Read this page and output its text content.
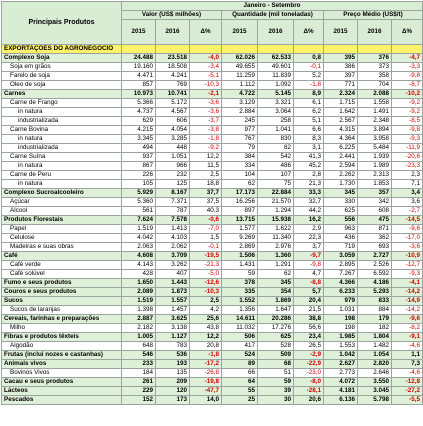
Principais Produtos	Janeiro - Setembro								
	Valor (US$ milhões)			Quantidade (mil toneladas)			Preço Médio (US$/t)		
	2015	2016	Δ%	2015	2016	Δ%	2015	2016	Δ%
EXPORTAÇÕES DO AGRONEGÓCIO									
Complexo Soja	24.488	23.518	-4,0	62.026	62.533	0,8	395	376	-4,7
Soja em grãos	19.160	18.508	-3,4	49.655	49.601	-0,1	386	373	-3,3
Farelo de soja	4.471	4.241	-5,1	11.259	11.839	5,2	397	358	-9,8
Óleo de soja	857	769	-10,3	1.112	1.092	-1,8	771	704	-8,7
Carnes	10.973	10.741	-2,1	4.722	5.145	8,9	2.324	2.088	-10,2
Carne de Frango	5.366	5.172	-3,6	3.129	3.321	6,1	1.715	1.558	-9,2
in natura	4.737	4.567	-3,6	2.884	3.064	6,2	1.642	1.491	-9,2
industrializada	629	606	-3,7	245	258	5,1	2.567	2.348	-8,5
Carne Bovina	4.215	4.054	-3,8	977	1.041	6,6	4.315	3.894	-9,8
in natura	3.345	3.285	-1,8	767	830	8,3	4.364	3.958	-9,3
industrializada	494	448	-9,2	79	82	3,1	6.225	5.484	-11,9
Carne Suína	937	1.051	12,2	384	542	41,3	2.441	1.939	-20,6
in natura	867	966	11,5	334	486	45,2	2.594	1.989	-23,3
Carne de Peru	226	232	2,5	104	107	2,8	2.262	2.313	2,3
in natura	105	125	18,8	62	75	21,3	1.730	1.853	7,1
Complexo Sucroalcooleiro	5.929	8.167	37,7	17.173	22.884	33,3	345	357	3,4
Açúcar	5.360	7.371	37,5	16.256	21.570	32,7	330	342	3,6
Álcool	561	787	40,3	897	1.294	44,2	625	608	-2,7
Produtos Florestais	7.624	7.578	-0,6	13.715	15.938	16,2	556	475	-14,5
Papel	1.519	1.413	-7,0	1.577	1.622	2,9	963	871	-9,6
Celulose	4.042	4.103	1,5	9.269	11.340	22,3	436	362	-17,0
Madeiras e suas obras	2.063	2.062	-0,1	2.869	2.976	3,7	719	693	-3,6
Café	4.608	3.709	-19,5	1.506	1.360	-9,7	3.059	2.727	-10,9
Café verde	4.143	3.262	-21,3	1.431	1.291	-9,8	2.895	2.526	-12,7
Café solúvel	428	407	-5,0	59	62	4,7	7.267	6.592	-9,3
Fumo e seus produtos	1.650	1.443	-12,6	378	345	-8,8	4.366	4.186	-4,1
Couros e seus produtos	2.089	1.873	-10,3	335	354	5,7	6.233	5.293	-14,2
Sucos	1.519	1.557	2,5	1.552	1.869	20,4	979	833	-14,9
Sucos de laranjas	1.398	1.457	4,2	1.356	1.647	21,5	1.031	884	-14,2
Cereais, farinhas e preparações	2.887	3.625	25,6	14.611	20.286	38,8	198	179	-9,6
Milho	2.182	3.138	43,8	11.032	17.276	56,6	198	182	-8,2
Fibras e produtos têxteis	1.005	1.127	12,2	506	625	23,4	1.985	1.804	-9,1
Algodão	648	783	20,8	417	528	26,5	1.553	1.482	-4,6
Frutas (inclui nozes e castanhas)	546	536	-1,8	524	509	-2,9	1.042	1.054	1,1
Animais vivos	233	193	-17,2	89	68	-22,9	2.627	2.820	7,3
Bovinos Vivos	184	135	-26,8	66	51	-23,0	2.773	2.646	-4,6
Cacau e seus produtos	261	209	-19,8	64	59	-8,0	4.072	3.550	-12,8
Lácteos	229	120	-47,7	55	39	-28,1	4.181	3.045	-27,2
Pescados	152	173	14,0	25	30	20,6	6.136	5.798	-5,5
